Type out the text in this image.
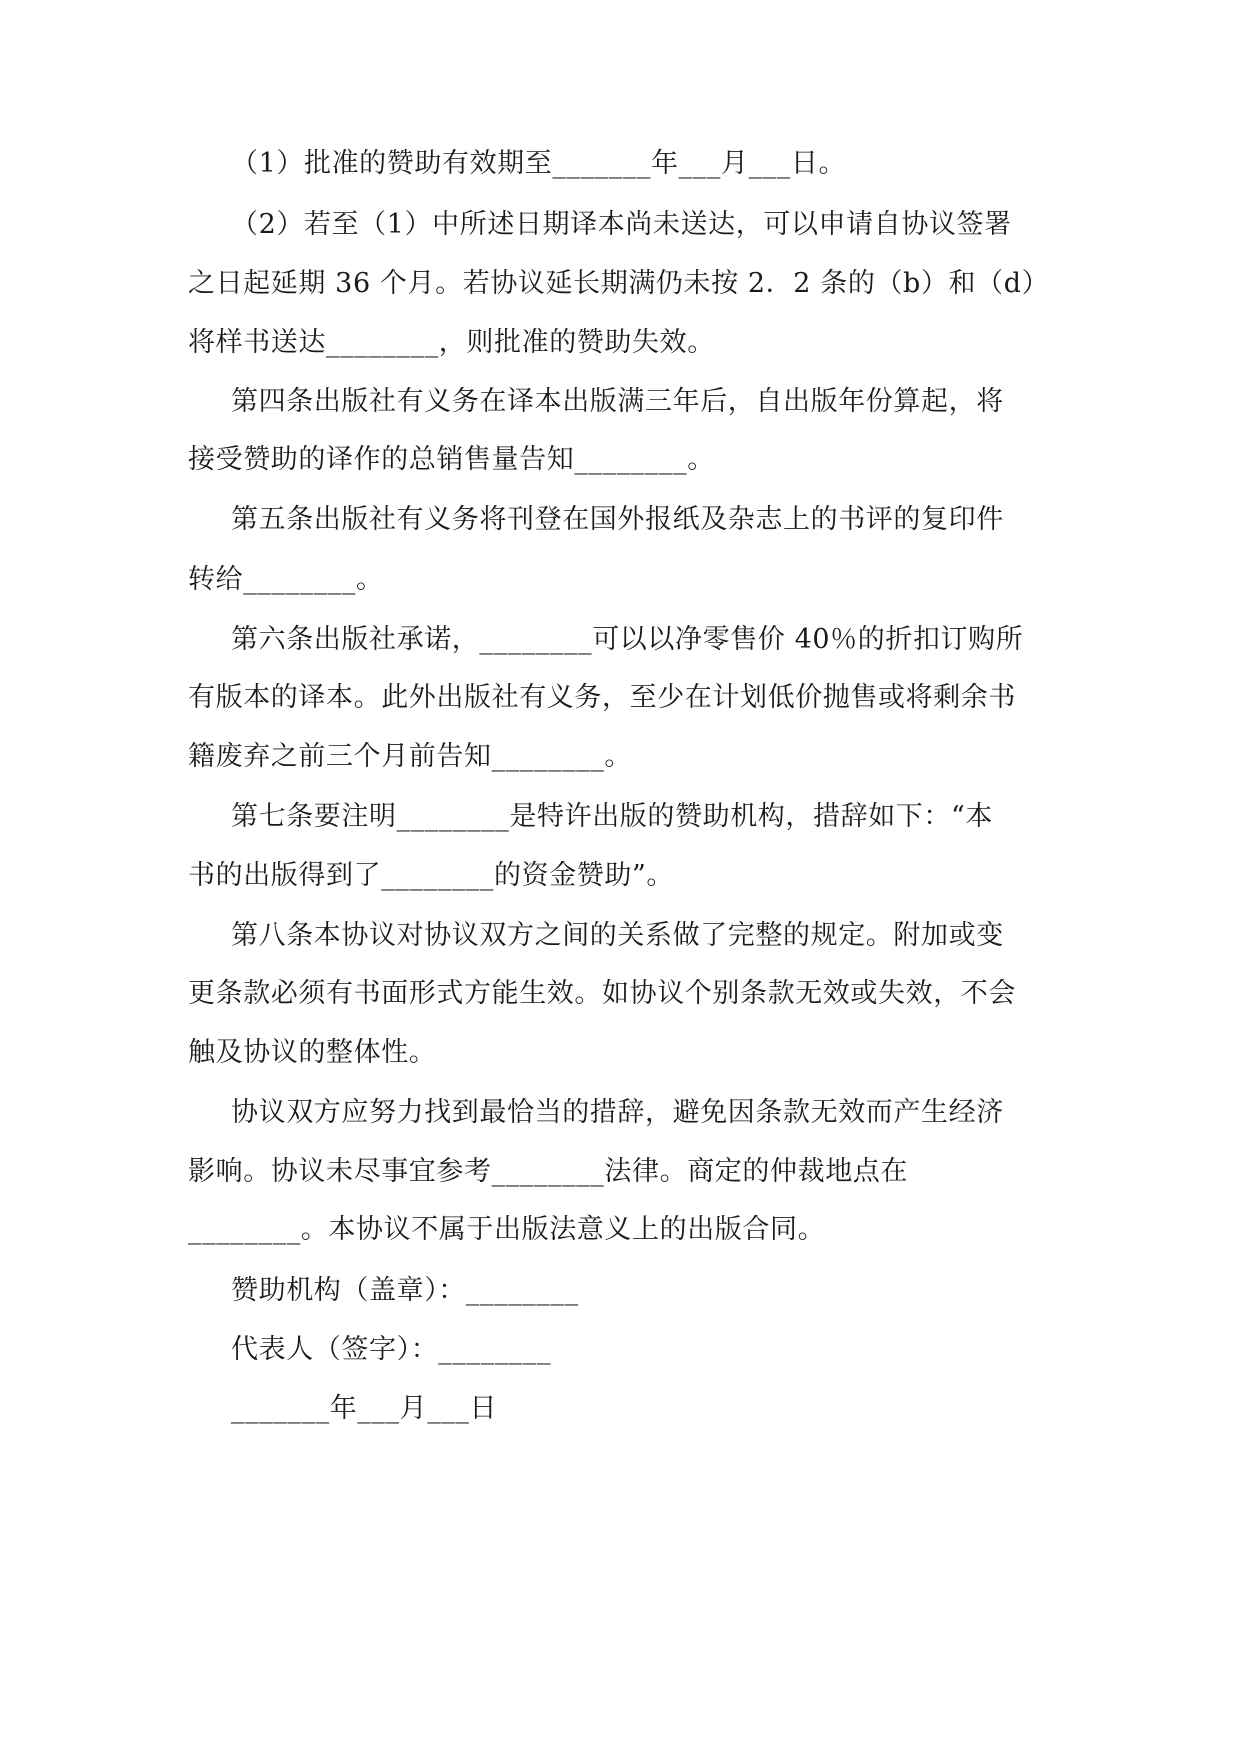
（1）批准的赞助有效期至_______年___月___日。
（2）若至（1）中所述日期译本尚未送达，可以申请自协议签署
之日起延期 36 个月。若协议延长期满仍未按 2．2 条的（b）和（d）
将样书送达________，则批准的赞助失效。
第四条出版社有义务在译本出版满三年后，自出版年份算起，将
接受赞助的译作的总销售量告知________。
第五条出版社有义务将刊登在国外报纸及杂志上的书评的复印件
转给________。
第六条出版社承诺，________可以以净零售价 40％的折扣订购所
有版本的译本。此外出版社有义务，至少在计划低价抛售或将剩余书
籍废弃之前三个月前告知________。
第七条要注明________是特许出版的赞助机构，措辞如下：“本
书的出版得到了________的资金赞助”。
第八条本协议对协议双方之间的关系做了完整的规定。附加或变
更条款必须有书面形式方能生效。如协议个别条款无效或失效，不会
触及协议的整体性。
协议双方应努力找到最恰当的措辞，避免因条款无效而产生经济
影响。协议未尽事宜参考________法律。商定的仲裁地点在
________。本协议不属于出版法意义上的出版合同。
赞助机构（盖章）：________
代表人（签字）：________
_______年___月___日
